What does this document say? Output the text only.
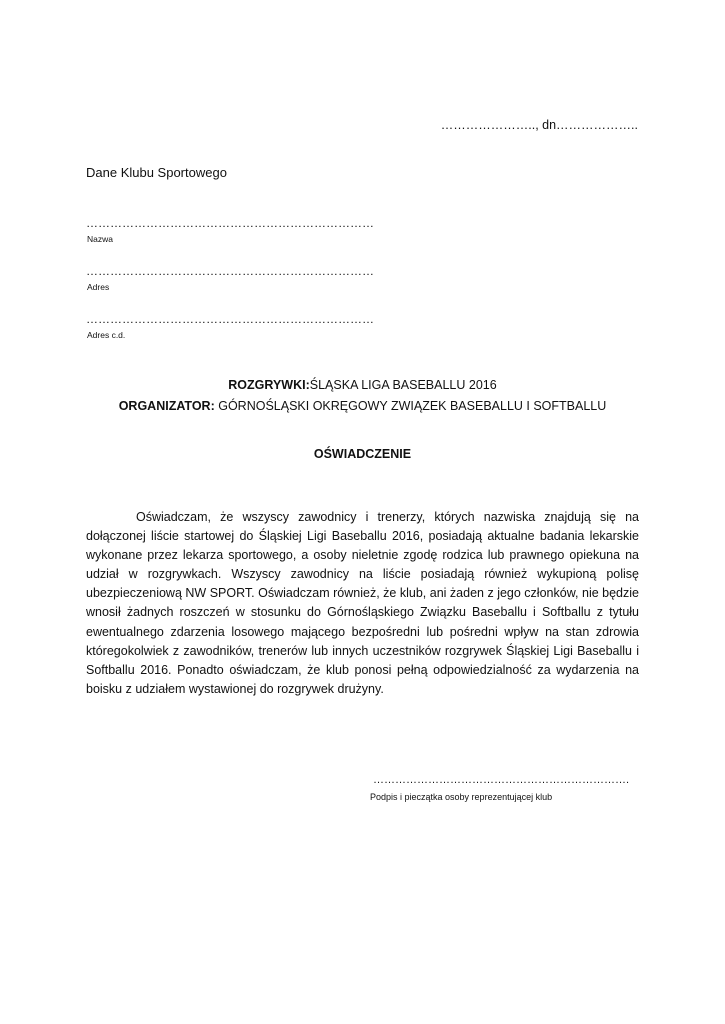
………………….., dn………………..
Dane Klubu Sportowego
………………………………………………………………
Nazwa
………………………………………………………………
Adres
………………………………………………………………
Adres c.d.
ROZGRYWKI:ŚLĄSKA LIGA BASEBALLU 2016
ORGANIZATOR: GÓRNOŚLĄSKI OKRĘGOWY ZWIĄZEK BASEBALLU I SOFTBALLU
OŚWIADCZENIE

Oświadczam, że wszyscy zawodnicy i trenerzy, których nazwiska znajdują się na dołączonej liście startowej do Śląskiej Ligi Baseballu 2016, posiadają aktualne badania lekarskie wykonane przez lekarza sportowego, a osoby nieletnie zgodę rodzica lub prawnego opiekuna na udział w rozgrywkach. Wszyscy zawodnicy na liście posiadają również wykupioną polisę ubezpieczeniową NW SPORT. Oświadczam również, że klub, ani żaden z jego członków, nie będzie wnosił żadnych roszczeń w stosunku do Górnośląskiego Związku Baseballu i Softballu z tytułu ewentualnego zdarzenia losowego mającego bezpośredni lub pośredni wpływ na stan zdrowia któregokolwiek z zawodników, trenerów lub innych uczestników rozgrywek Śląskiej Ligi Baseballu i Softballu 2016. Ponadto oświadczam, że klub ponosi pełną odpowiedzialność za wydarzenia na boisku z udziałem wystawionej do rozgrywek drużyny.

…………………………………………………………….
Podpis i pieczątka osoby reprezentującej klub
